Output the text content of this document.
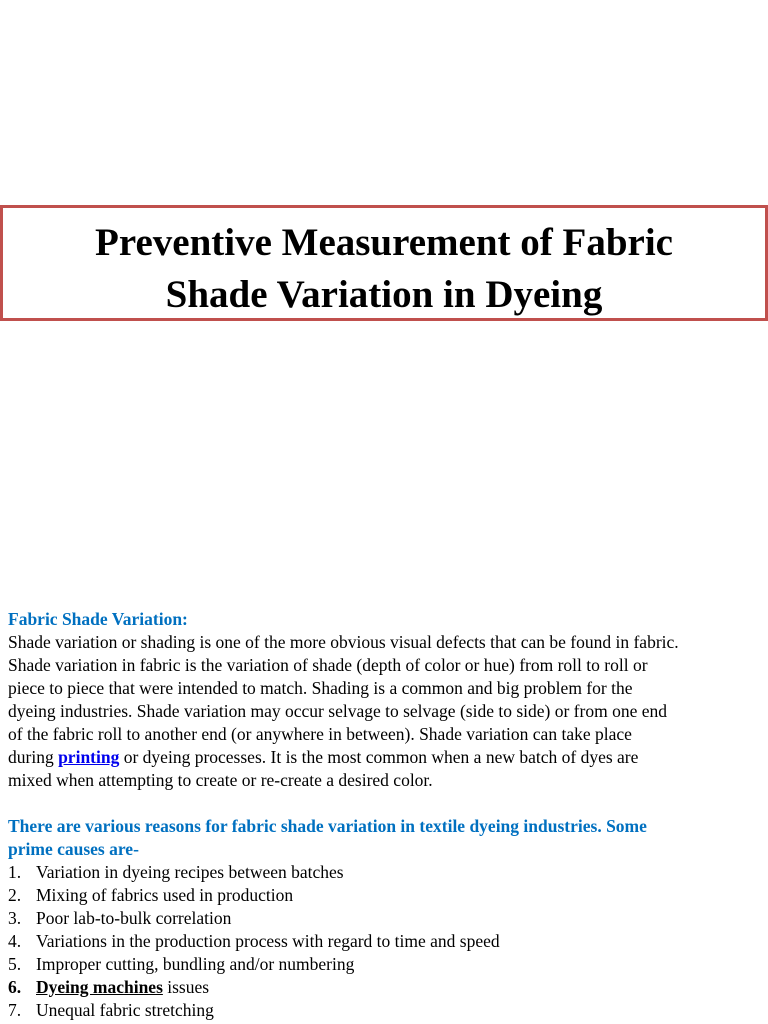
Preventive Measurement of Fabric
Shade Variation in Dyeing
Fabric Shade Variation:
Shade variation or shading is one of the more obvious visual defects that can be found in fabric.
Shade variation in fabric is the variation of shade (depth of color or hue) from roll to roll or
piece to piece that were intended to match. Shading is a common and big problem for the
dyeing industries. Shade variation may occur selvage to selvage (side to side) or from one end
of the fabric roll to another end (or anywhere in between). Shade variation can take place
during printing or dyeing processes. It is the most common when a new batch of dyes are
mixed when attempting to create or re-create a desired color.
There are various reasons for fabric shade variation in textile dyeing industries. Some
prime causes are-
1. Variation in dyeing recipes between batches
2. Mixing of fabrics used in production
3. Poor lab-to-bulk correlation
4. Variations in the production process with regard to time and speed
5. Improper cutting, bundling and/or numbering
6. Dyeing machines issues
7. Unequal fabric stretching
